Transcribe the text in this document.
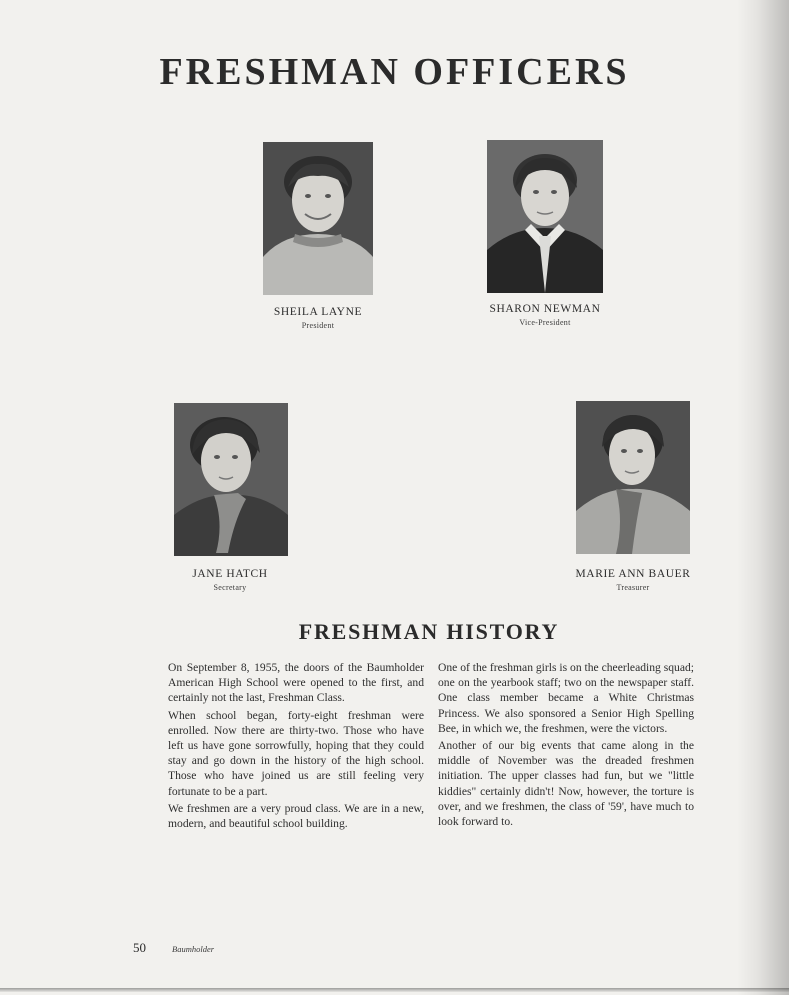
FRESHMAN OFFICERS
SHEILA LAYNE
President
SHARON NEWMAN
Vice-President
JANE HATCH
Secretary
MARIE ANN BAUER
Treasurer
FRESHMAN HISTORY

On September 8, 1955, the doors of the Baumholder American High School were opened to the first, and certainly not the last, Freshman Class.

When school began, forty-eight freshman were enrolled. Now there are thirty-two. Those who have left us have gone sorrowfully, hoping that they could stay and go down in the history of the high school. Those who have joined us are still feeling very fortunate to be a part.

We freshmen are a very proud class. We are in a new, modern, and beautiful school building.

One of the freshman girls is on the cheerleading squad; one on the yearbook staff; two on the newspaper staff. One class member became a White Christmas Princess. We also sponsored a Senior High Spelling Bee, in which we, the freshmen, were the victors.

Another of our big events that came along in the middle of November was the dreaded freshmen initiation. The upper classes had fun, but we "little kiddies" certainly didn't! Now, however, the torture is over, and we freshmen, the class of '59', have much to look forward to.

50	Baumholder
